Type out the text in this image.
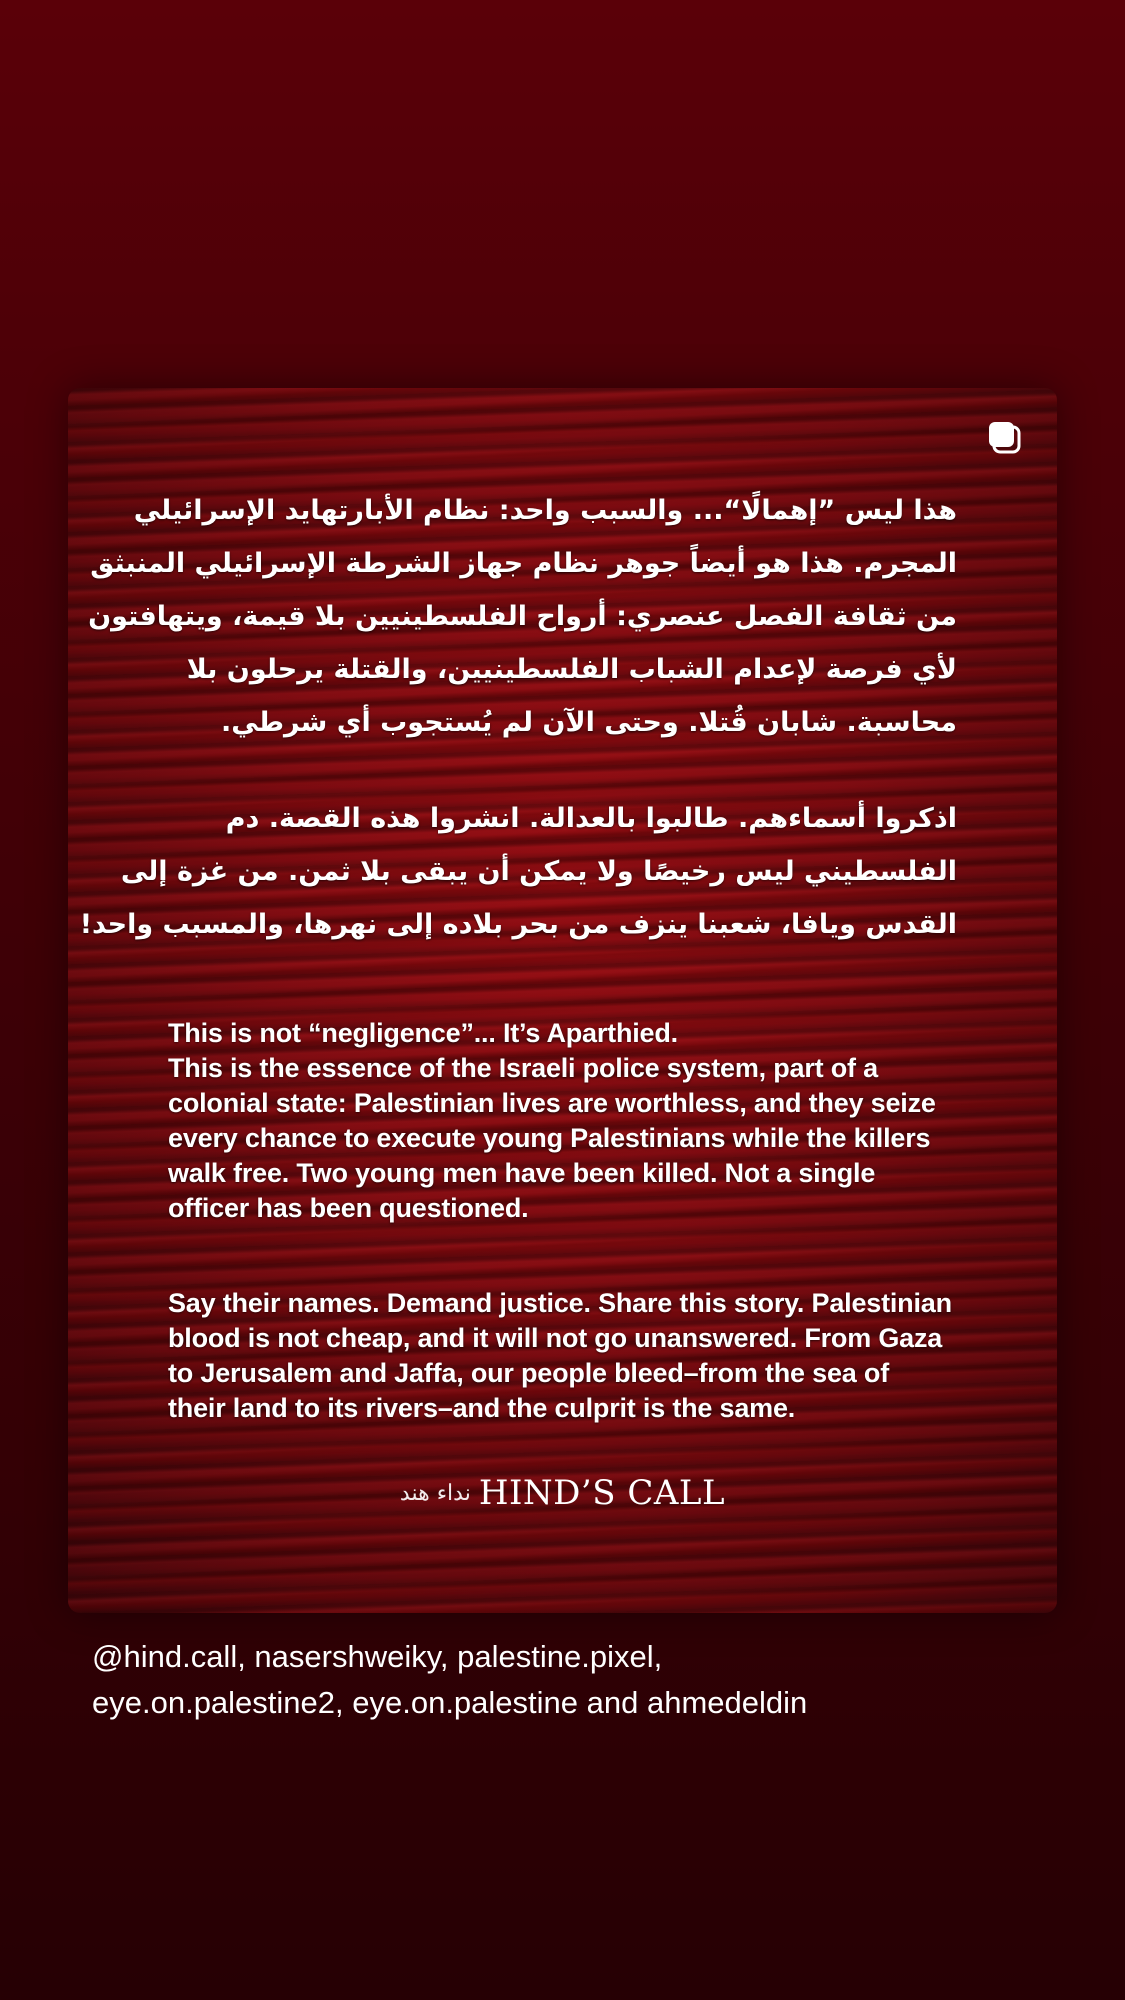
هذا ليس ”إهمالًا“... والسبب واحد: نظام الأبارتهايد الإسرائيلي
المجرم. هذا هو أيضاً جوهر نظام جهاز الشرطة الإسرائيلي المنبثق
من ثقافة الفصل عنصري: أرواح الفلسطينيين بلا قيمة، ويتهافتون
لأي فرصة لإعدام الشباب الفلسطينيين، والقتلة يرحلون بلا
محاسبة. شابان قُتلا. وحتى الآن لم يُستجوب أي شرطي.
اذكروا أسماءهم. طالبوا بالعدالة. انشروا هذه القصة. دم
الفلسطيني ليس رخيصًا ولا يمكن أن يبقى بلا ثمن. من غزة إلى
القدس ويافا، شعبنا ينزف من بحر بلاده إلى نهرها، والمسبب واحد!
This is not “negligence”... It’s Aparthied.
This is the essence of the Israeli police system, part of a
colonial state: Palestinian lives are worthless, and they seize
every chance to execute young Palestinians while the killers
walk free. Two young men have been killed. Not a single
officer has been questioned.
Say their names. Demand justice. Share this story. Palestinian
blood is not cheap, and it will not go unanswered. From Gaza
to Jerusalem and Jaffa, our people bleed–from the sea of
their land to its rivers–and the culprit is the same.
نداء هند HIND’S CALL
@hind.call, nasershweiky, palestine.pixel,
eye.on.palestine2, eye.on.palestine and ahmedeldin
